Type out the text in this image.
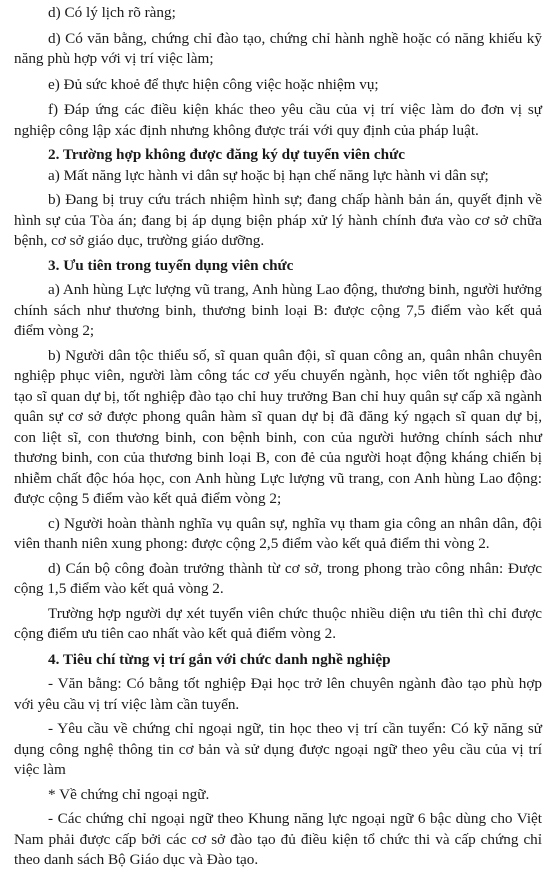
d) Có lý lịch rõ ràng;

d) Có văn bằng, chứng chỉ đào tạo, chứng chỉ hành nghề hoặc có năng khiếu kỹ năng phù hợp với vị trí việc làm;

e) Đủ sức khoẻ để thực hiện công việc hoặc nhiệm vụ;

f) Đáp ứng các điều kiện khác theo yêu cầu của vị trí việc làm do đơn vị sự nghiệp công lập xác định nhưng không được trái với quy định của pháp luật.

2. Trường hợp không được đăng ký dự tuyển viên chức

a) Mất năng lực hành vi dân sự hoặc bị hạn chế năng lực hành vi dân sự;

b) Đang bị truy cứu trách nhiệm hình sự; đang chấp hành bản án, quyết định về hình sự của Tòa án; đang bị áp dụng biện pháp xử lý hành chính đưa vào cơ sở chữa bệnh, cơ sở giáo dục, trường giáo dưỡng.

3. Ưu tiên trong tuyển dụng viên chức

a) Anh hùng Lực lượng vũ trang, Anh hùng Lao động, thương binh, người hưởng chính sách như thương binh, thương binh loại B: được cộng 7,5 điểm vào kết quả điểm vòng 2;

b) Người dân tộc thiểu số, sĩ quan quân đội, sĩ quan công an, quân nhân chuyên nghiệp phục viên, người làm công tác cơ yếu chuyển ngành, học viên tốt nghiệp đào tạo sĩ quan dự bị, tốt nghiệp đào tạo chỉ huy trưởng Ban chỉ huy quân sự cấp xã ngành quân sự cơ sở được phong quân hàm sĩ quan dự bị đã đăng ký ngạch sĩ quan dự bị, con liệt sĩ, con thương binh, con bệnh binh, con của người hưởng chính sách như thương binh, con của thương binh loại B, con đẻ của người hoạt động kháng chiến bị nhiễm chất độc hóa học, con Anh hùng Lực lượng vũ trang, con Anh hùng Lao động: được cộng 5 điểm vào kết quả điểm vòng 2;

c) Người hoàn thành nghĩa vụ quân sự, nghĩa vụ tham gia công an nhân dân, đội viên thanh niên xung phong: được cộng 2,5 điểm vào kết quả điểm thi vòng 2.

d) Cán bộ công đoàn trưởng thành từ cơ sở, trong phong trào công nhân: Được cộng 1,5 điểm vào kết quả vòng 2.

Trường hợp người dự xét tuyển viên chức thuộc nhiều diện ưu tiên thì chỉ được cộng điểm ưu tiên cao nhất vào kết quả điểm vòng 2.

4. Tiêu chí từng vị trí gắn với chức danh nghề nghiệp

- Văn bằng: Có bằng tốt nghiệp Đại học trở lên chuyên ngành đào tạo phù hợp với yêu cầu vị trí việc làm cần tuyển.

- Yêu cầu về chứng chỉ ngoại ngữ, tin học theo vị trí cần tuyển: Có kỹ năng sử dụng công nghệ thông tin cơ bản và sử dụng được ngoại ngữ theo yêu cầu của vị trí việc làm

* Về chứng chỉ ngoại ngữ.

- Các chứng chỉ ngoại ngữ theo Khung năng lực ngoại ngữ 6 bậc dùng cho Việt Nam phải được cấp bởi các cơ sở đào tạo đủ điều kiện tổ chức thi và cấp chứng chỉ theo danh sách Bộ Giáo dục và Đào tạo.
